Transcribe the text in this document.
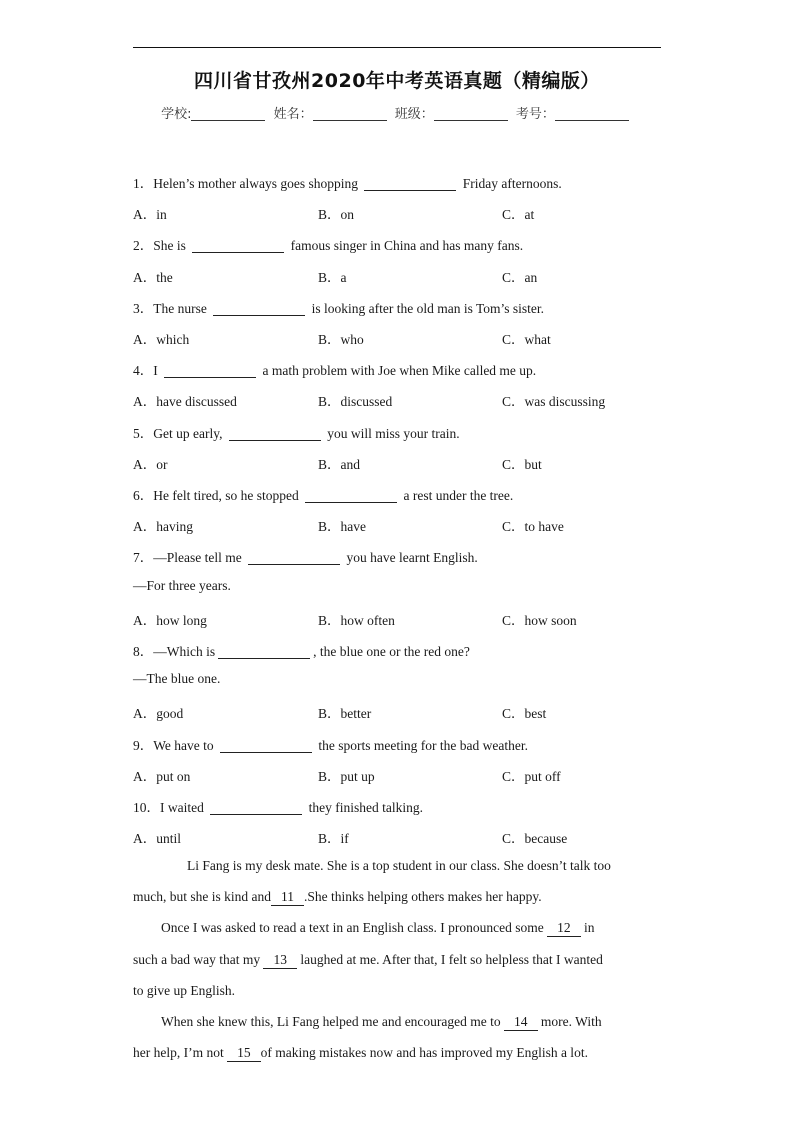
四川省甘孜州2020年中考英语真题（精编版）
学校:	姓名：	班级：	考号：
1．Helen’s mother always goes shopping	Friday afternoons.
A．in	B．on	C．at
2．She is	famous singer in China and has many fans.
A．the	B．a	C．an
3．The nurse	is looking after the old man is Tom’s sister.
A．which	B．who	C．what
4．I	a math problem with Joe when Mike called me up.
A．have discussed	B．discussed	C．was discussing
5．Get up early,	you will miss your train.
A．or	B．and	C．but
6．He felt tired, so he stopped	a rest under the tree.
A．having	B．have	C．to have
7．—Please tell me	you have learnt English.
—For three years.
A．how long	B．how often	C．how soon
8．—Which is	, the blue one or the red one?
—The blue one.
A．good	B．better	C．best
9．We have to	the sports meeting for the bad weather.
A．put on	B．put up	C．put off
10．I waited	they finished talking.
A．until	B．if	C．because
Li Fang is my desk mate. She is a top student in our class. She doesn’t talk too
much, but she is kind and 11 .She thinks helping others makes her happy.
Once I was asked to read a text in an English class. I pronounced some 12 in
such a bad way that my 13 laughed at me. After that, I felt so helpless that I wanted
to give up English.
When she knew this, Li Fang helped me and encouraged me to 14 more. With
her help, I’m not 15 of making mistakes now and has improved my English a lot.
